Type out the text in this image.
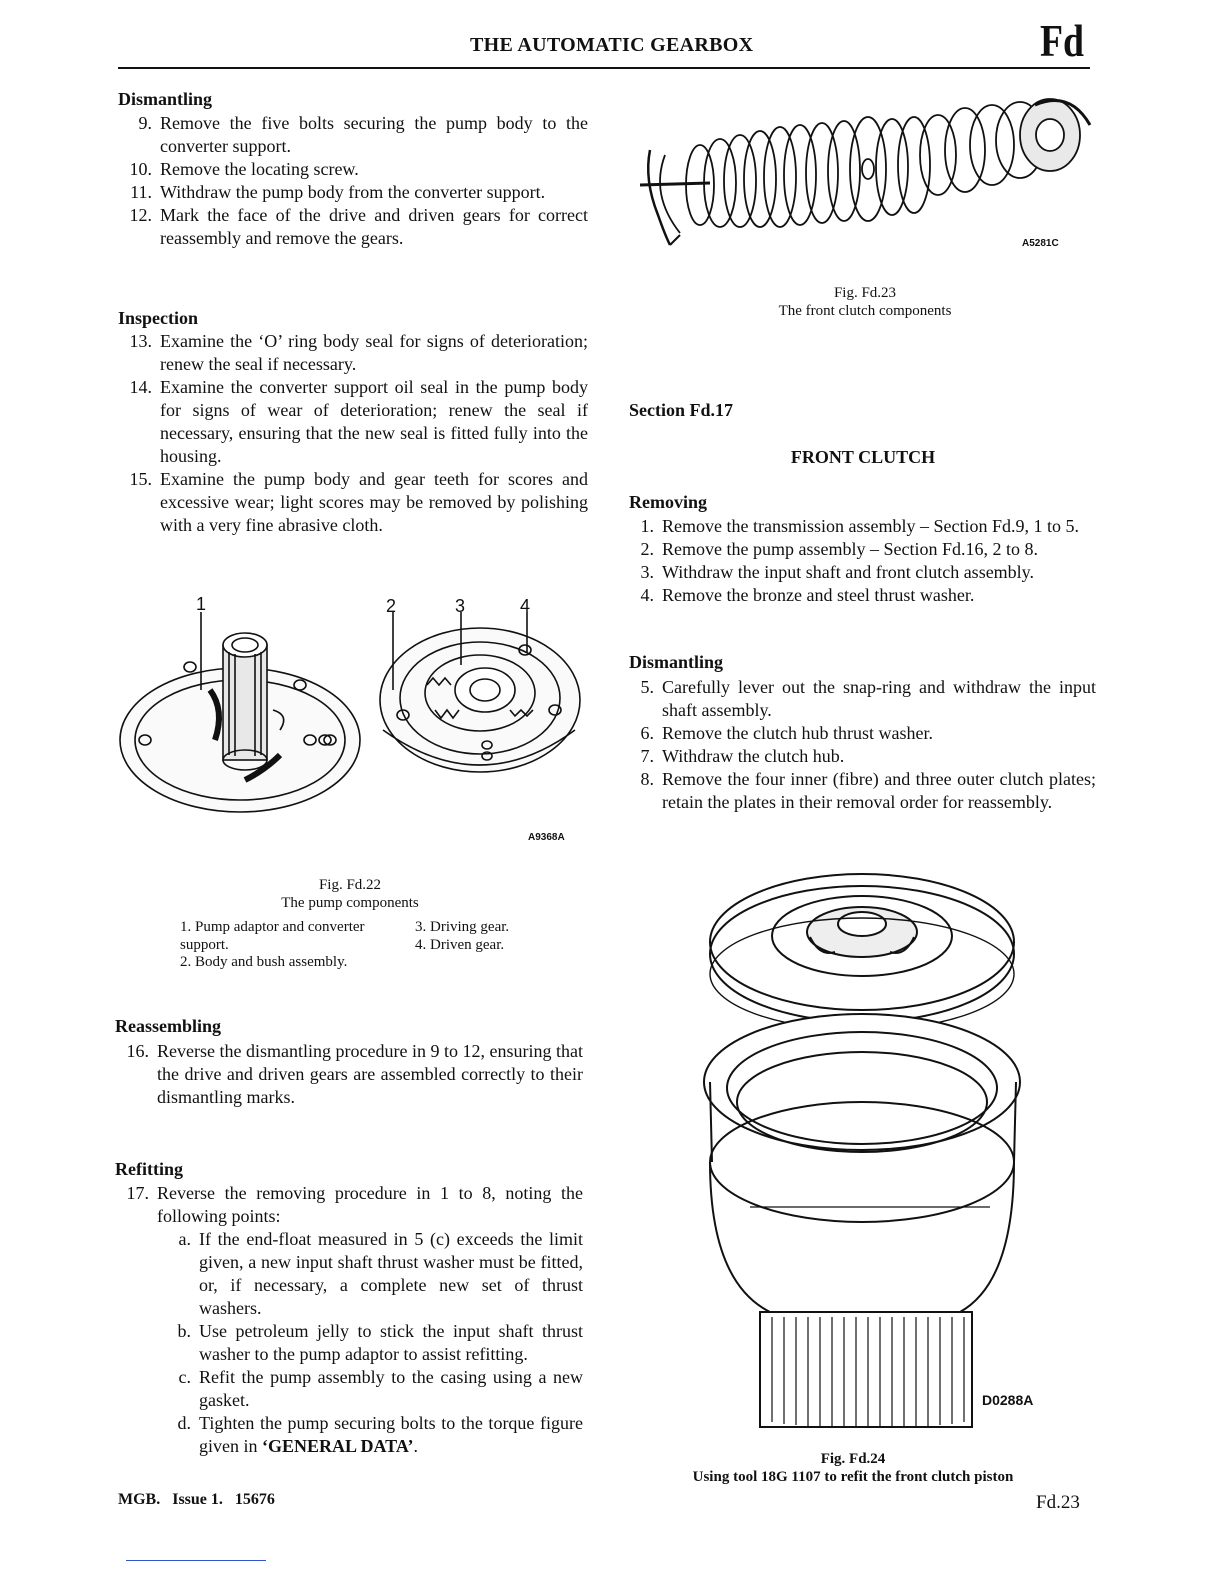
THE AUTOMATIC GEARBOX	Fd
Dismantling
9. Remove the five bolts securing the pump body to the converter support.
10. Remove the locating screw.
11. Withdraw the pump body from the converter support.
12. Mark the face of the drive and driven gears for correct reassembly and remove the gears.
Inspection
13. Examine the ‘O’ ring body seal for signs of deterioration; renew the seal if necessary.
14. Examine the converter support oil seal in the pump body for signs of wear of deterioration; renew the seal if necessary, ensuring that the new seal is fitted fully into the housing.
15. Examine the pump body and gear teeth for scores and excessive wear; light scores may be removed by polishing with a very fine abrasive cloth.
1	2	3	4
A9368A
Fig. Fd.22
The pump components
1. Pump adaptor and converter support.
2. Body and bush assembly.
3. Driving gear.
4. Driven gear.
Reassembling
16. Reverse the dismantling procedure in 9 to 12, ensuring that the drive and driven gears are assembled correctly to their dismantling marks.
Refitting
17. Reverse the removing procedure in 1 to 8, noting the following points:
a. If the end-float measured in 5 (c) exceeds the limit given, a new input shaft thrust washer must be fitted, or, if necessary, a complete new set of thrust washers.
b. Use petroleum jelly to stick the input shaft thrust washer to the pump adaptor to assist refitting.
c. Refit the pump assembly to the casing using a new gasket.
d. Tighten the pump securing bolts to the torque figure given in ‘GENERAL DATA’.
A5281C
Fig. Fd.23
The front clutch components
Section Fd.17
FRONT CLUTCH
Removing
1. Remove the transmission assembly – Section Fd.9, 1 to 5.
2. Remove the pump assembly – Section Fd.16, 2 to 8.
3. Withdraw the input shaft and front clutch assembly.
4. Remove the bronze and steel thrust washer.
Dismantling
5. Carefully lever out the snap-ring and withdraw the input shaft assembly.
6. Remove the clutch hub thrust washer.
7. Withdraw the clutch hub.
8. Remove the four inner (fibre) and three outer clutch plates; retain the plates in their removal order for reassembly.
D0288A
Fig. Fd.24
Using tool 18G 1107 to refit the front clutch piston
MGB.   Issue 1.   15676	Fd.23
